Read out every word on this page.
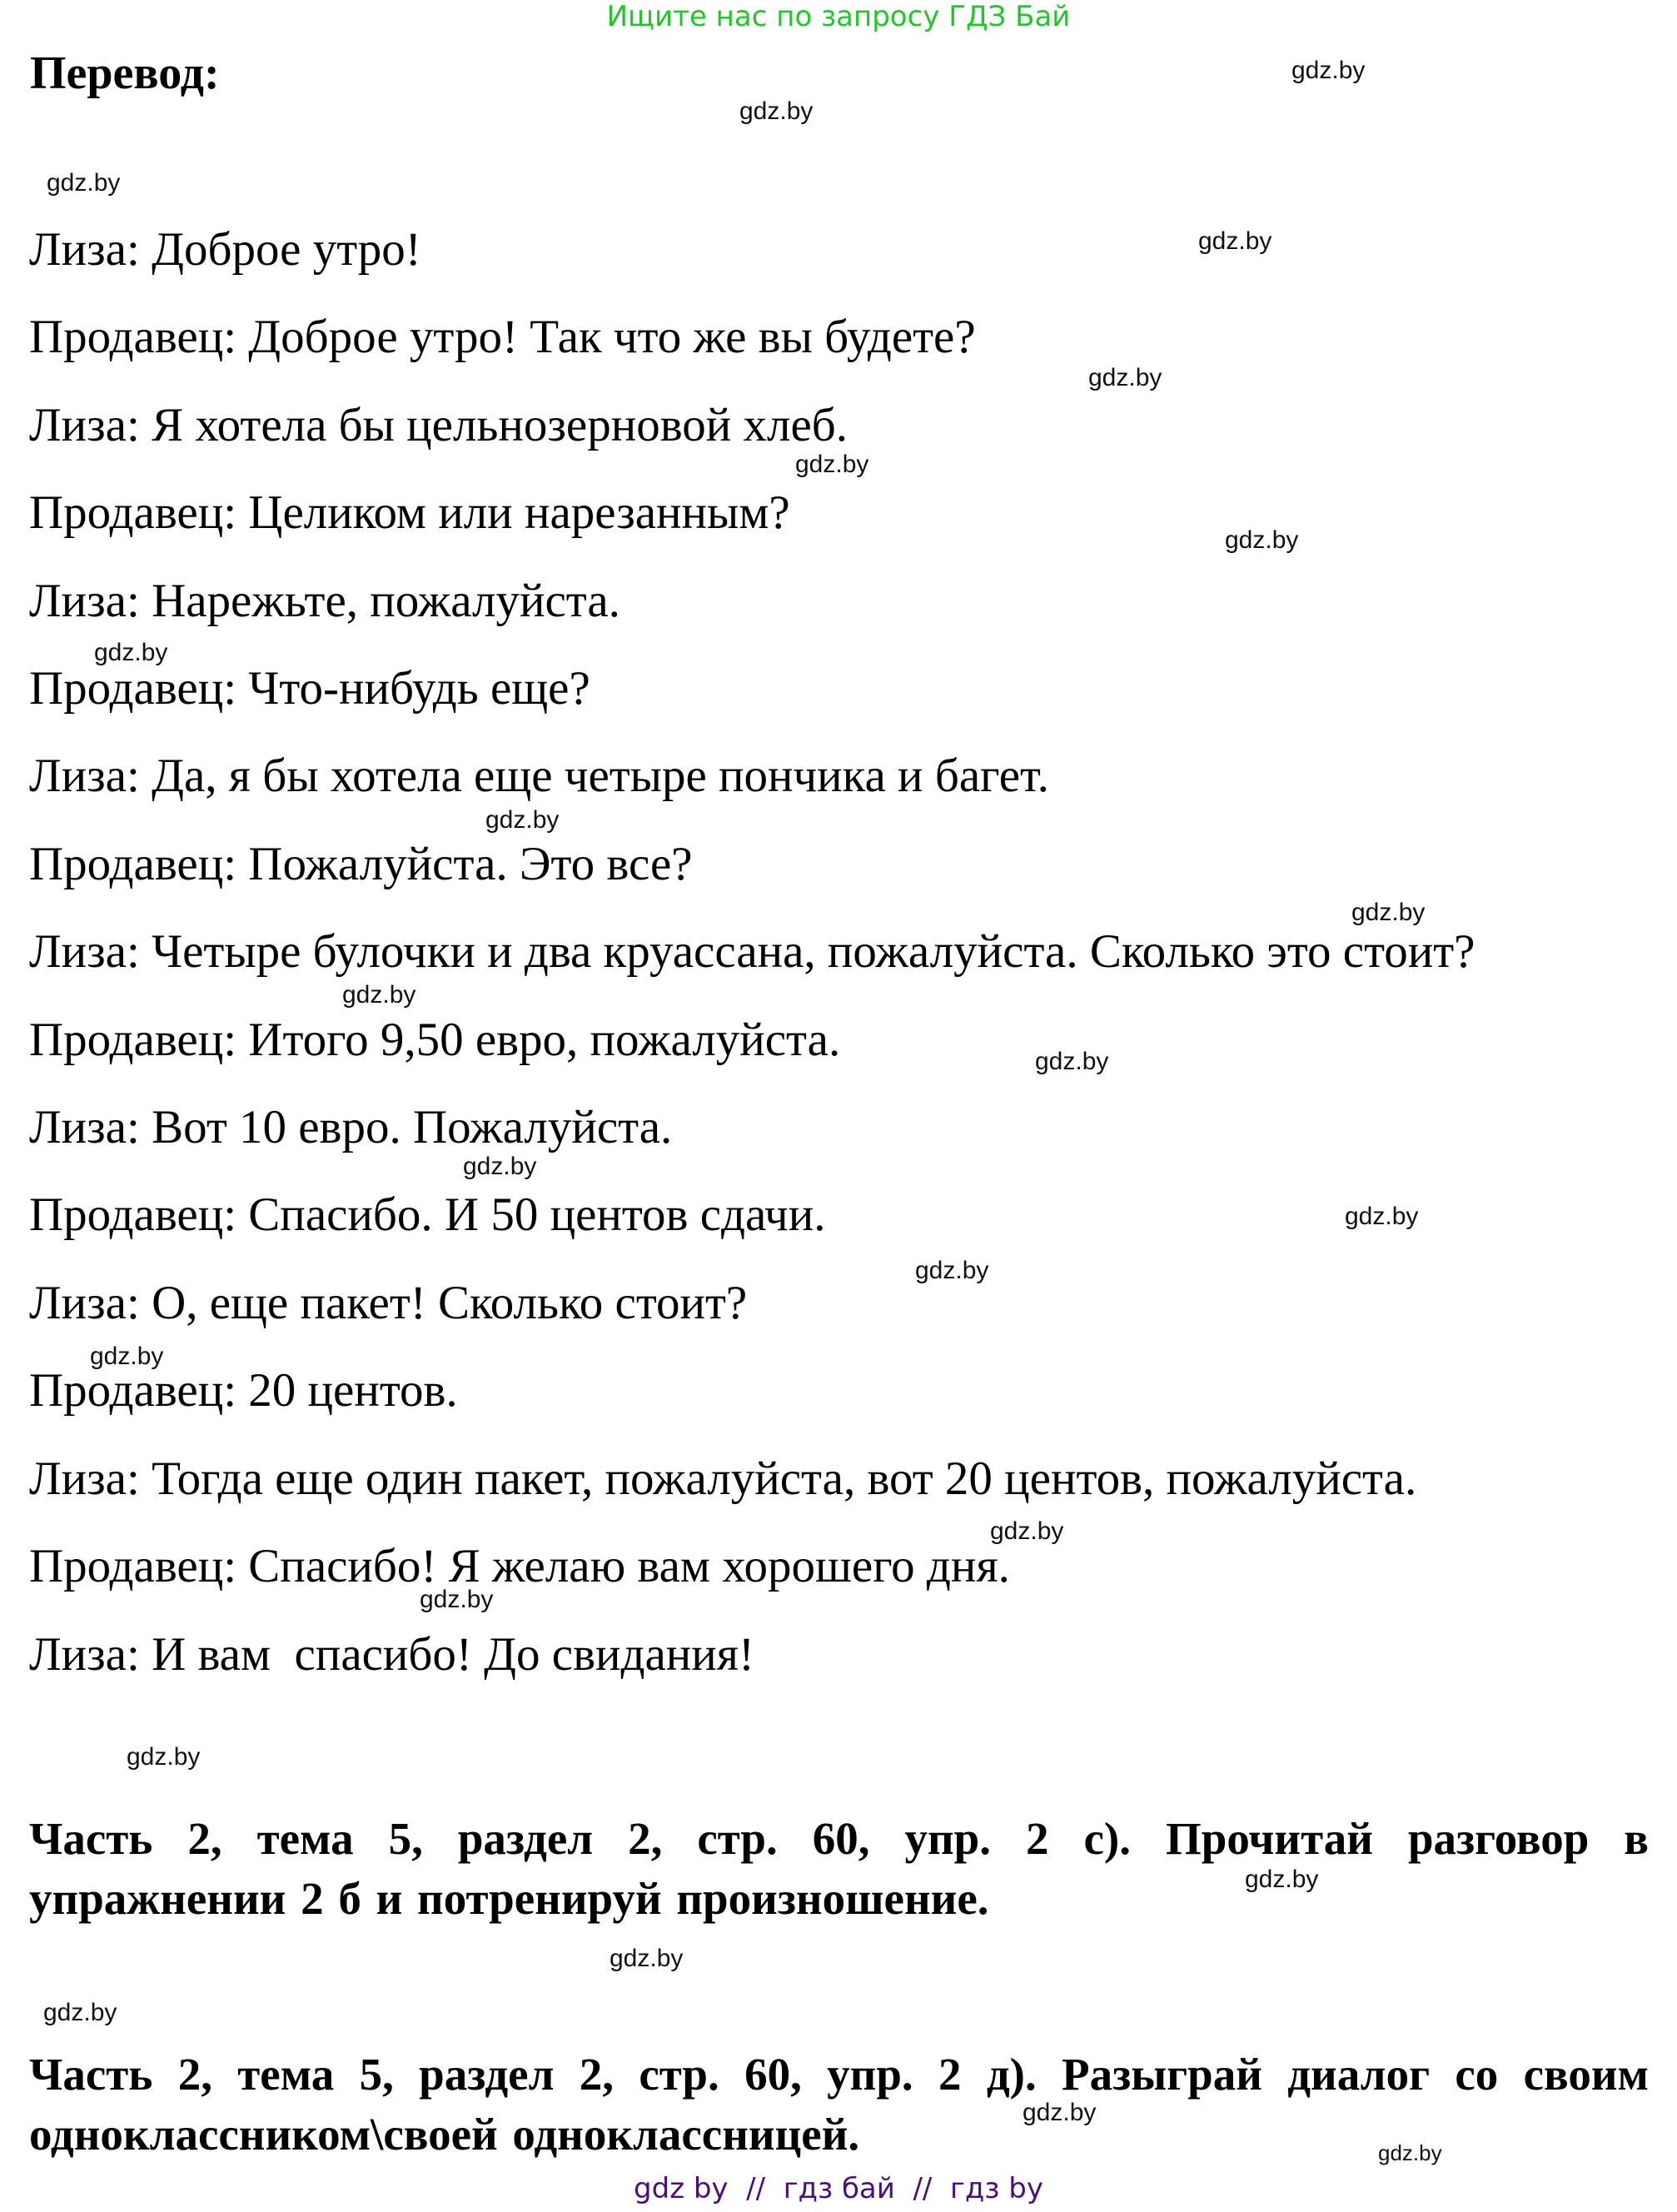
Ищите нас по запросу ГДЗ Бай
Перевод:
Лиза: Доброе утро!
Продавец: Доброе утро! Так что же вы будете?
Лиза: Я хотела бы цельнозерновой хлеб.
Продавец: Целиком или нарезанным?
Лиза: Нарежьте, пожалуйста.
Продавец: Что-нибудь еще?
Лиза: Да, я бы хотела еще четыре пончика и багет.
Продавец: Пожалуйста. Это все?
Лиза: Четыре булочки и два круассана, пожалуйста. Сколько это стоит?
Продавец: Итого 9,50 евро, пожалуйста.
Лиза: Вот 10 евро. Пожалуйста.
Продавец: Спасибо. И 50 центов сдачи.
Лиза: О, еще пакет! Сколько стоит?
Продавец: 20 центов.
Лиза: Тогда еще один пакет, пожалуйста, вот 20 центов, пожалуйста.
Продавец: Спасибо! Я желаю вам хорошего дня.
Лиза: И вам  спасибо! До свидания!

Часть 2, тема 5, раздел 2, стр. 60, упр. 2 с). Прочитай разговор в упражнении 2 б и потренируй произношение.

Часть 2, тема 5, раздел 2, стр. 60, упр. 2 д). Разыграй диалог со своим одноклассником\своей одноклассницей.

gdz.by
gdz.by
gdz.by
gdz.by
gdz.by
gdz.by
gdz.by
gdz.by
gdz.by
gdz.by
gdz.by
gdz.by
gdz.by
gdz.by
gdz.by
gdz.by
gdz.by
gdz.by
gdz.by
gdz.by
gdz.by
gdz.by
gdz.by
gdz.by
gdz by  //  гдз бай  //  гдз by
